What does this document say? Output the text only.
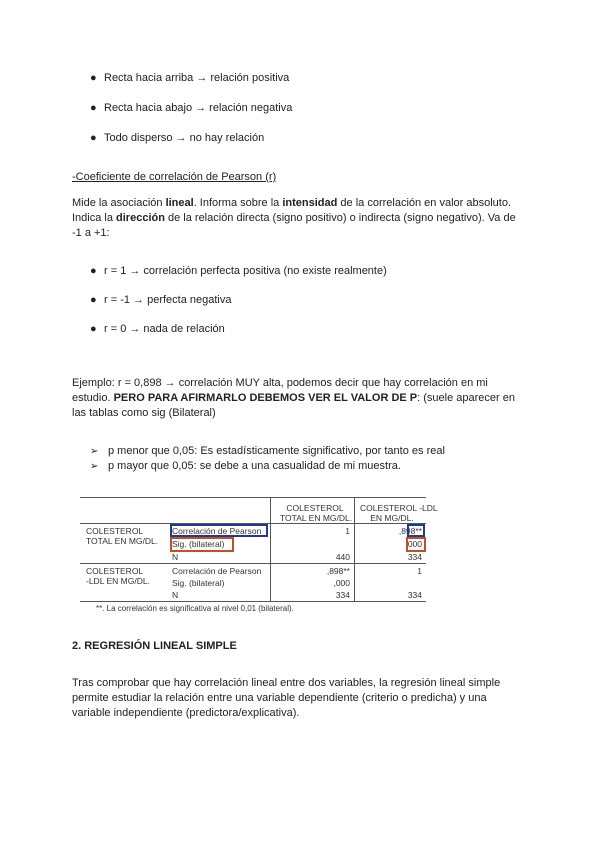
● Recta hacia arriba → relación positiva
● Recta hacia abajo → relación negativa
● Todo disperso → no hay relación
-Coeficiente de correlación de Pearson (r)
Mide la asociación lineal. Informa sobre la intensidad de la correlación en valor absoluto.
Indica la dirección de la relación directa (signo positivo) o indirecta (signo negativo). Va de
-1 a +1:
● r = 1 → correlación perfecta positiva (no existe realmente)
● r = -1 → perfecta negativa
● r = 0 → nada de relación
Ejemplo: r = 0,898 → correlación MUY alta, podemos decir que hay correlación en mi
estudio. PERO PARA AFIRMARLO DEBEMOS VER EL VALOR DE P: (suele aparecer en
las tablas como sig (Bilateral)
➢ p menor que 0,05: Es estadísticamente significativo, por tanto es real
➢ p mayor que 0,05: se debe a una casualidad de mi muestra.
COLESTEROL
TOTAL EN MG/DL.
COLESTEROL -LDL
EN MG/DL.
COLESTEROL
TOTAL EN MG/DL.
Correlación de Pearson
Sig. (bilateral)
N
1
440
,898**
,000
334
COLESTEROL
-LDL EN MG/DL.
Correlación de Pearson
Sig. (bilateral)
N
,898**
,000
334
1
334
**. La correlación es significativa al nivel 0,01 (bilateral).
2. REGRESIÓN LINEAL SIMPLE
Tras comprobar que hay correlación lineal entre dos variables, la regresión lineal simple
permite estudiar la relación entre una variable dependiente (criterio o predicha) y una
variable independiente (predictora/explicativa).
